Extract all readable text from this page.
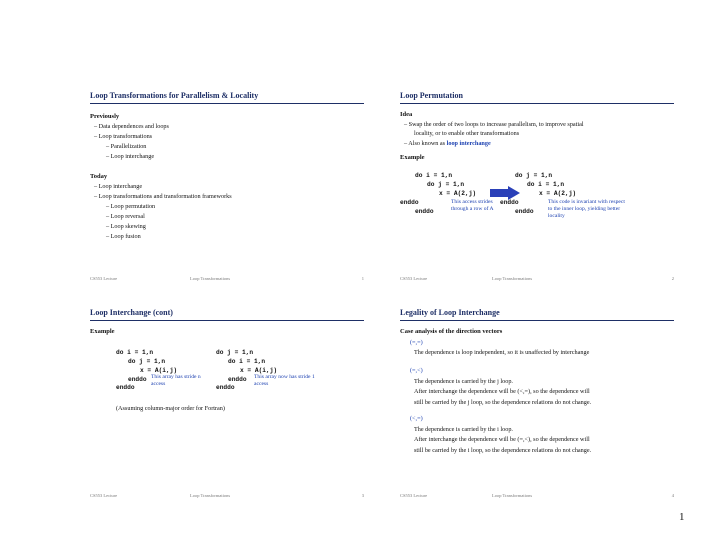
Loop Transformations for Parallelism & Locality
Previously
– Data dependences and loops
– Loop transformations
– Parallelization
– Loop interchange
Today
– Loop interchange
– Loop transformations and transformation frameworks
– Loop permutation
– Loop reversal
– Loop skewing
– Loop fusion
CS553 Lecture	Loop Transformations	1
Loop Permutation
Idea
– Swap the order of two loops to increase parallelism, to improve spatial
locality, or to enable other transformations
– Also known as loop interchange
Example
do i = 1,n
do j = 1,n
x = A(2,j)
enddo
enddo
This access strides through a row of A
do j = 1,n
do i = 1,n
x = A(2,j)
enddo
enddo
This code is invariant with respect to the inner loop, yielding better locality
CS553 Lecture	Loop Transformations	2
Loop Interchange (cont)
Example
do i = 1,n
do j = 1,n
x = A(i,j)
enddo
enddo
This array has stride n access
do j = 1,n
do i = 1,n
x = A(i,j)
enddo
enddo
This array now has stride 1 access
(Assuming column-major order for Fortran)
CS553 Lecture	Loop Transformations	3
Legality of Loop Interchange
Case analysis of the direction vectors
(=,=)
The dependence is loop independent, so it is unaffected by interchange
(=,<)
The dependence is carried by the j loop.
After interchange the dependence will be (<,=), so the dependence will
still be carried by the j loop, so the dependence relations do not change.
(<,=)
The dependence is carried by the i loop.
After interchange the dependence will be (=,<), so the dependence will
still be carried by the i loop, so the dependence relations do not change.
CS553 Lecture	Loop Transformations	4
1
